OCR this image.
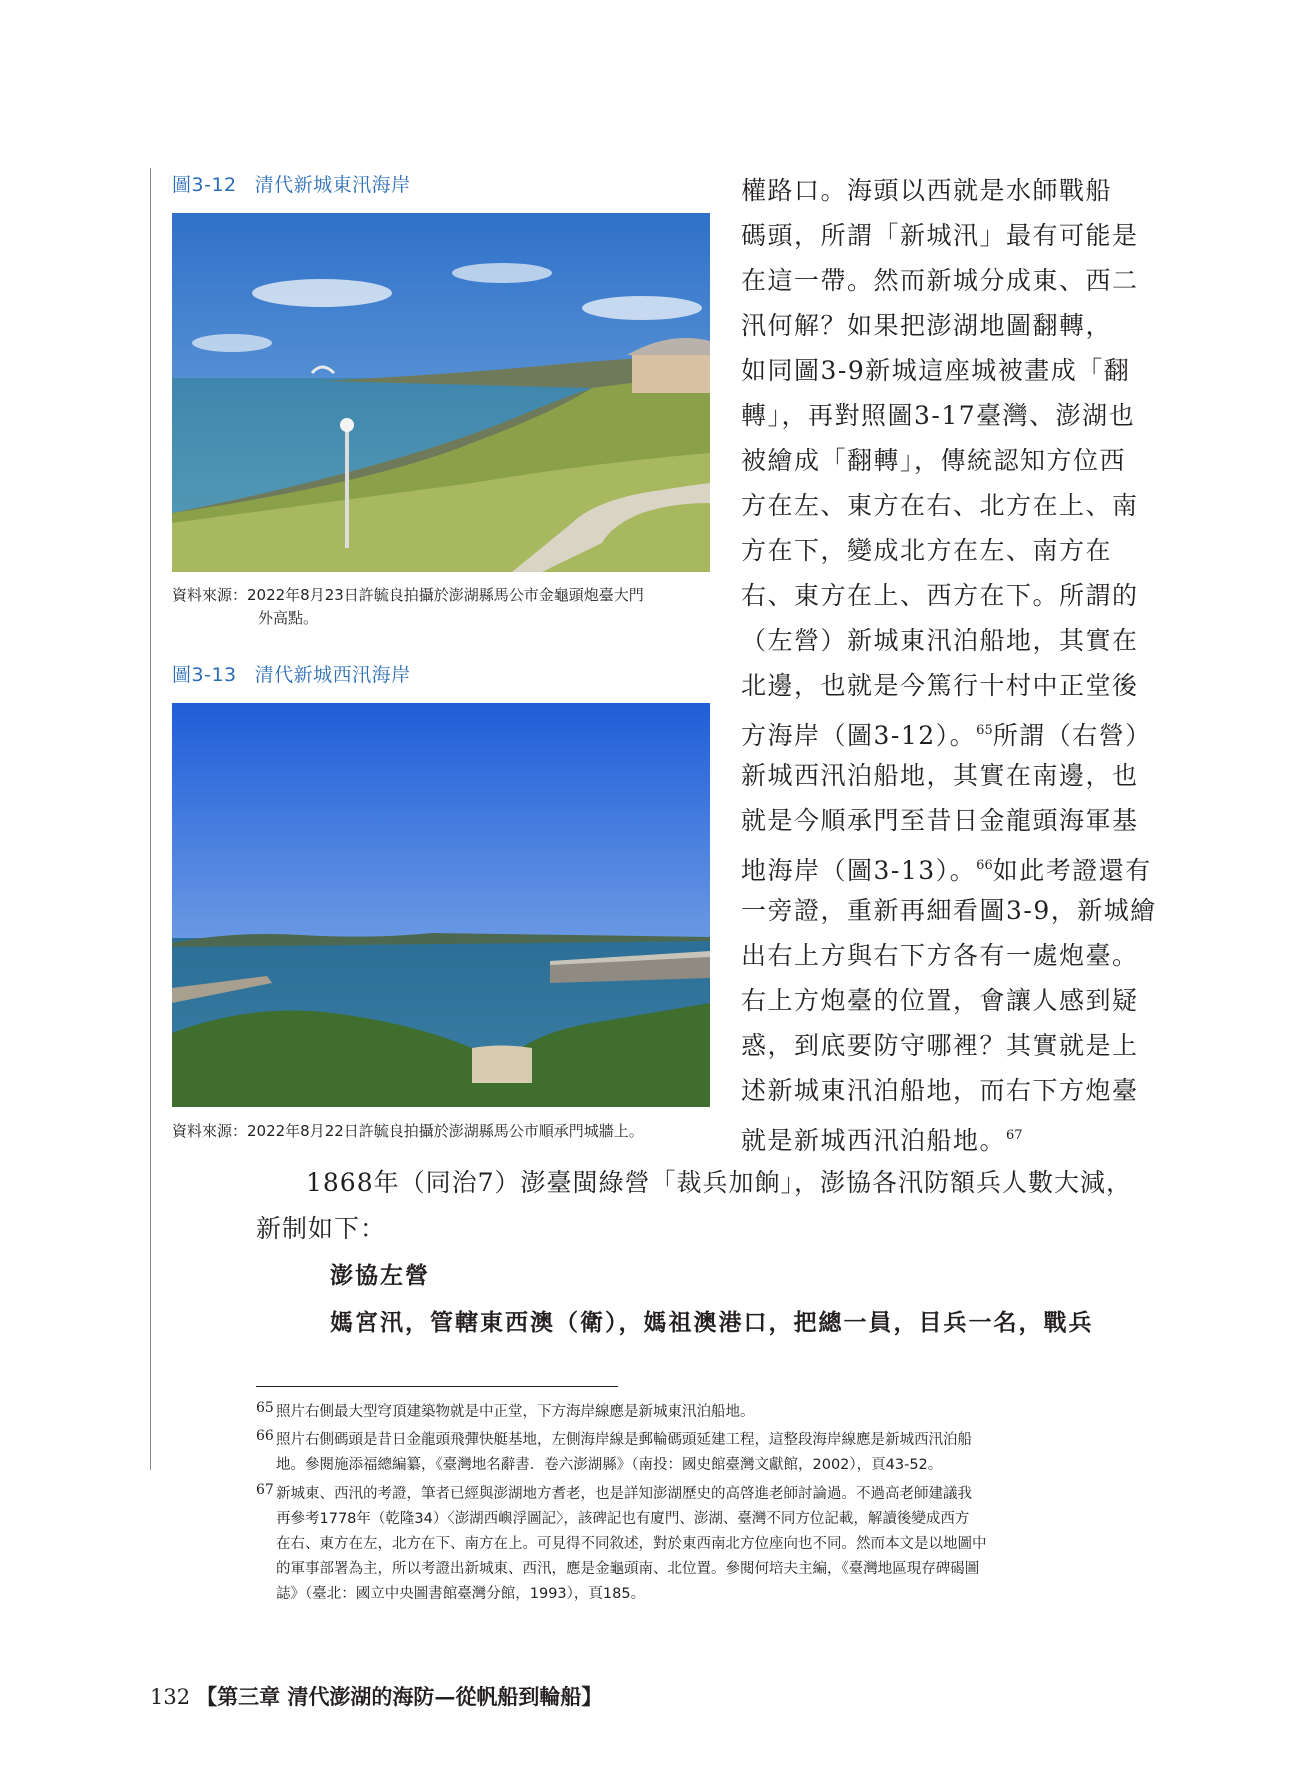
圖3-12 清代新城東汛海岸
資料來源：2022年8月23日許毓良拍攝於澎湖縣馬公市金龜頭炮臺大門
外高點。
圖3-13 清代新城西汛海岸
資料來源：2022年8月22日許毓良拍攝於澎湖縣馬公市順承門城牆上。
權路口。海頭以西就是水師戰船
碼頭，所謂「新城汛」最有可能是
在這一帶。然而新城分成東、西二
汛何解？如果把澎湖地圖翻轉，
如同圖3-9新城這座城被畫成「翻
轉」，再對照圖3-17臺灣、澎湖也
被繪成「翻轉」，傳統認知方位西
方在左、東方在右、北方在上、南
方在下，變成北方在左、南方在
右、東方在上、西方在下。所謂的
（左營）新城東汛泊船地，其實在
北邊，也就是今篤行十村中正堂後
方海岸（圖3-12）。$^{65}$所謂（右營）
新城西汛泊船地，其實在南邊，也
就是今順承門至昔日金龍頭海軍基
地海岸（圖3-13）。$^{66}$如此考證還有
一旁證，重新再細看圖3-9，新城繪
出右上方與右下方各有一處炮臺。
右上方炮臺的位置，會讓人感到疑
惑，到底要防守哪裡？其實就是上
述新城東汛泊船地，而右下方炮臺
就是新城西汛泊船地。$^{67}$
1868年（同治7）澎臺閩綠營「裁兵加餉」，澎協各汛防額兵人數大減，
新制如下：
澎協左營
媽宮汛，管轄東西澳（衛），媽祖澳港口，把總一員，目兵一名，戰兵
65 照片右側最大型穹頂建築物就是中正堂，下方海岸線應是新城東汛泊船地。
66 照片右側碼頭是昔日金龍頭飛彈快艇基地，左側海岸線是郵輪碼頭延建工程，這整段海岸線應是新城西汛泊船
地。參閱施添福總編纂，《臺灣地名辭書．卷六澎湖縣》（南投：國史館臺灣文獻館，2002），頁43-52。
67 新城東、西汛的考證，筆者已經與澎湖地方耆老，也是詳知澎湖歷史的高啓進老師討論過。不過高老師建議我
再參考1778年（乾隆34）〈澎湖西嶼浮圖記〉，該碑記也有廈門、澎湖、臺灣不同方位記載，解讀後變成西方
在右、東方在左，北方在下、南方在上。可見得不同敘述，對於東西南北方位座向也不同。然而本文是以地圖中
的軍事部署為主，所以考證出新城東、西汛，應是金龜頭南、北位置。參閱何培夫主編，《臺灣地區現存碑碣圖
誌》（臺北：國立中央圖書館臺灣分館，1993），頁185。
132 【第三章 清代澎湖的海防—從帆船到輪船】
